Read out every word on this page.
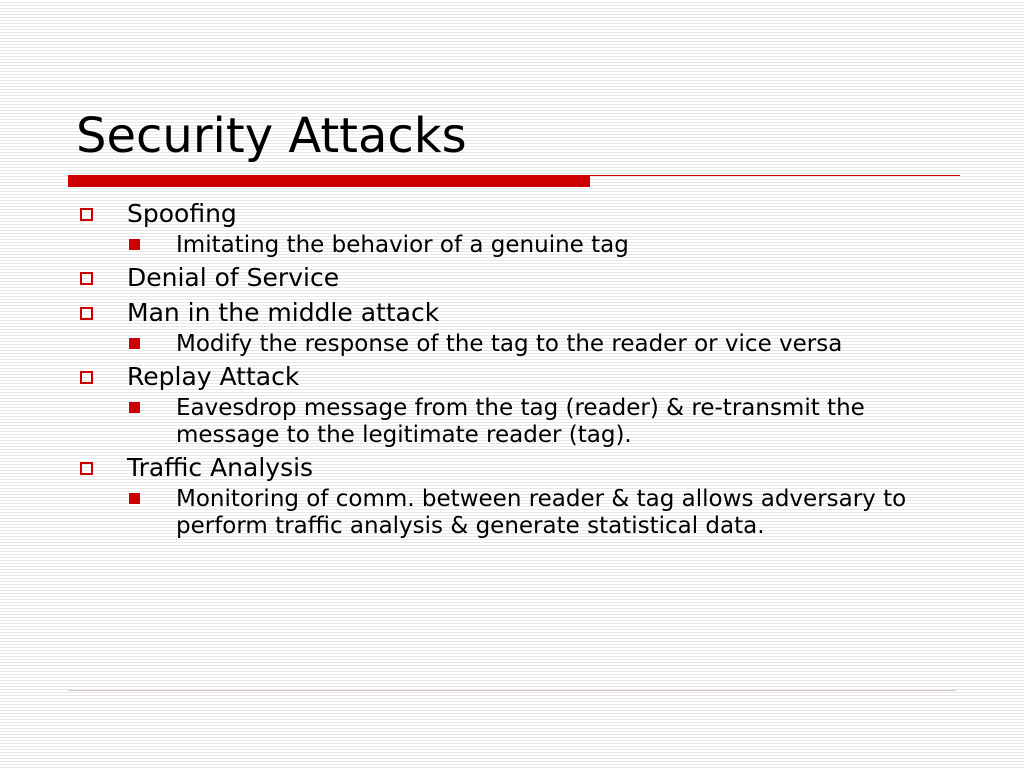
Security Attacks
Spoofing
Imitating the behavior of a genuine tag
Denial of Service
Man in the middle attack
Modify the response of the tag to the reader or vice versa
Replay Attack
Eavesdrop message from the tag (reader) & re-transmit the message to the legitimate reader (tag).
Traffic Analysis
Monitoring of comm. between reader & tag allows adversary to perform traffic analysis & generate statistical data.
